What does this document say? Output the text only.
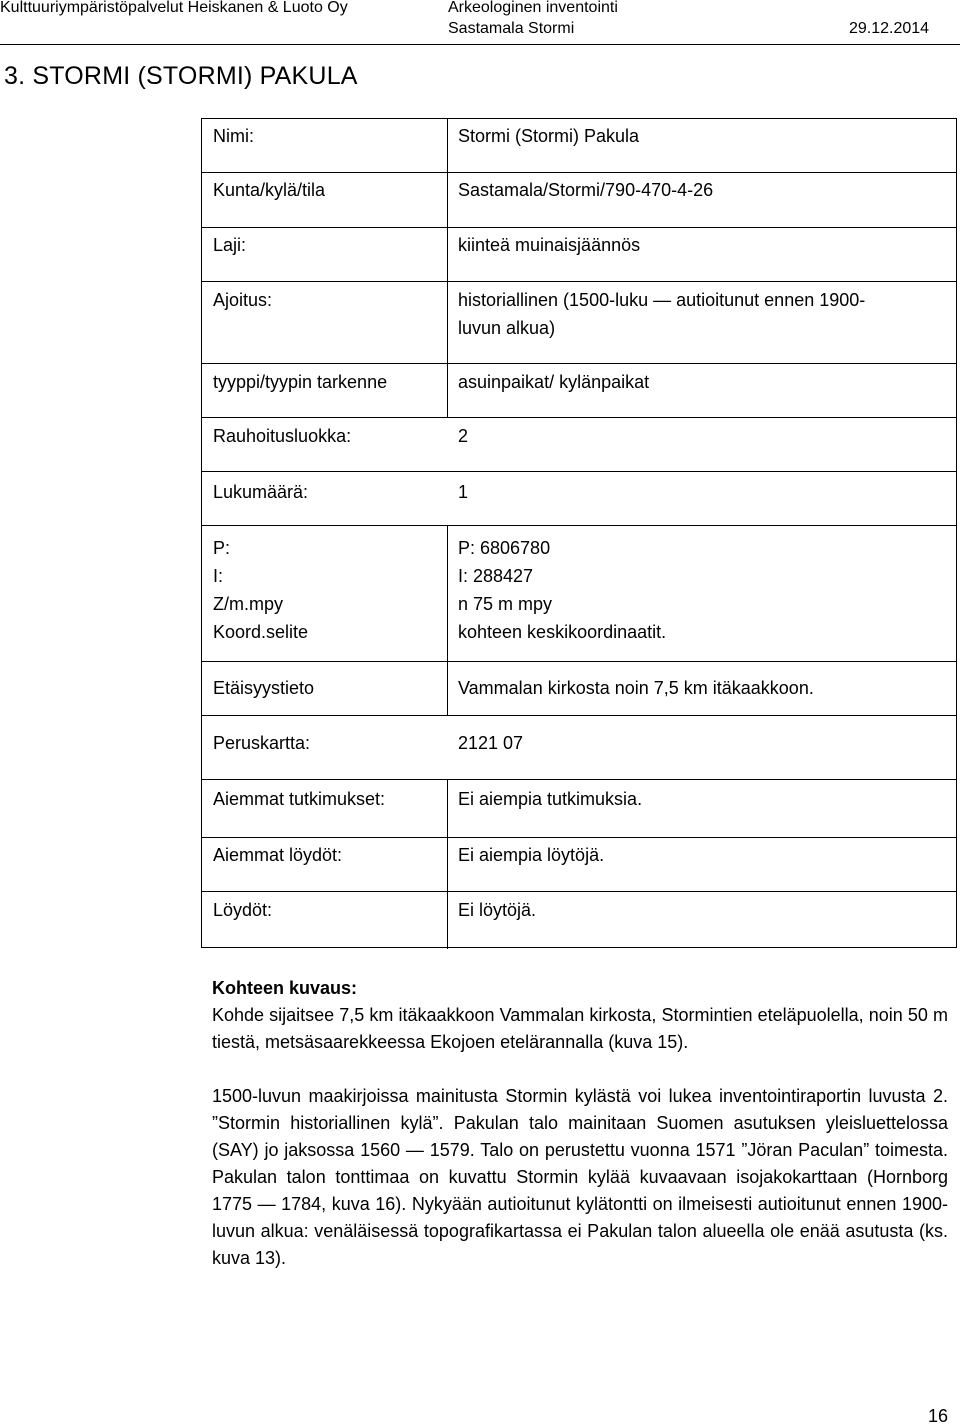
Kulttuuriympäristöpalvelut Heiskanen & Luoto Oy	Arkeologinen inventointi
Sastamala Stormi	29.12.2014
3. STORMI (STORMI) PAKULA
Nimi:	Stormi (Stormi) Pakula
Kunta/kylä/tila	Sastamala/Stormi/790-470-4-26
Laji:	kiinteä muinaisjäännös
Ajoitus:	historiallinen (1500-luku — autioitunut ennen 1900-
luvun alkua)
tyyppi/tyypin tarkenne	asuinpaikat/ kylänpaikat
Rauhoitusluokka:	2
Lukumäärä:	1
P:	P: 6806780
I:	I: 288427
Z/m.mpy	n 75 m mpy
Koord.selite	kohteen keskikoordinaatit.
Etäisyystieto	Vammalan kirkosta noin 7,5 km itäkaakkoon.
Peruskartta:	2121 07
Aiemmat tutkimukset:	Ei aiempia tutkimuksia.
Aiemmat löydöt:	Ei aiempia löytöjä.
Löydöt:	Ei löytöjä.

Kohteen kuvaus:

Kohde sijaitsee 7,5 km itäkaakkoon Vammalan kirkosta, Stormintien eteläpuolella, noin 50 m tiestä, metsäsaarekkeessa Ekojoen etelärannalla (kuva 15).

1500-luvun maakirjoissa mainitusta Stormin kylästä voi lukea inventointiraportin luvusta 2. ”Stormin historiallinen kylä”. Pakulan talo mainitaan Suomen asutuksen yleisluettelossa (SAY) jo jaksossa 1560 — 1579. Talo on perustettu vuonna 1571 ”Jöran Paculan” toimesta. Pakulan talon tonttimaa on kuvattu Stormin kylää kuvaavaan isojakokarttaan (Hornborg 1775 — 1784, kuva 16). Nykyään autioitunut kylätontti on ilmeisesti autioitunut ennen 1900-luvun alkua: venäläisessä topografikartassa ei Pakulan talon alueella ole enää asutusta (ks. kuva 13).

16
